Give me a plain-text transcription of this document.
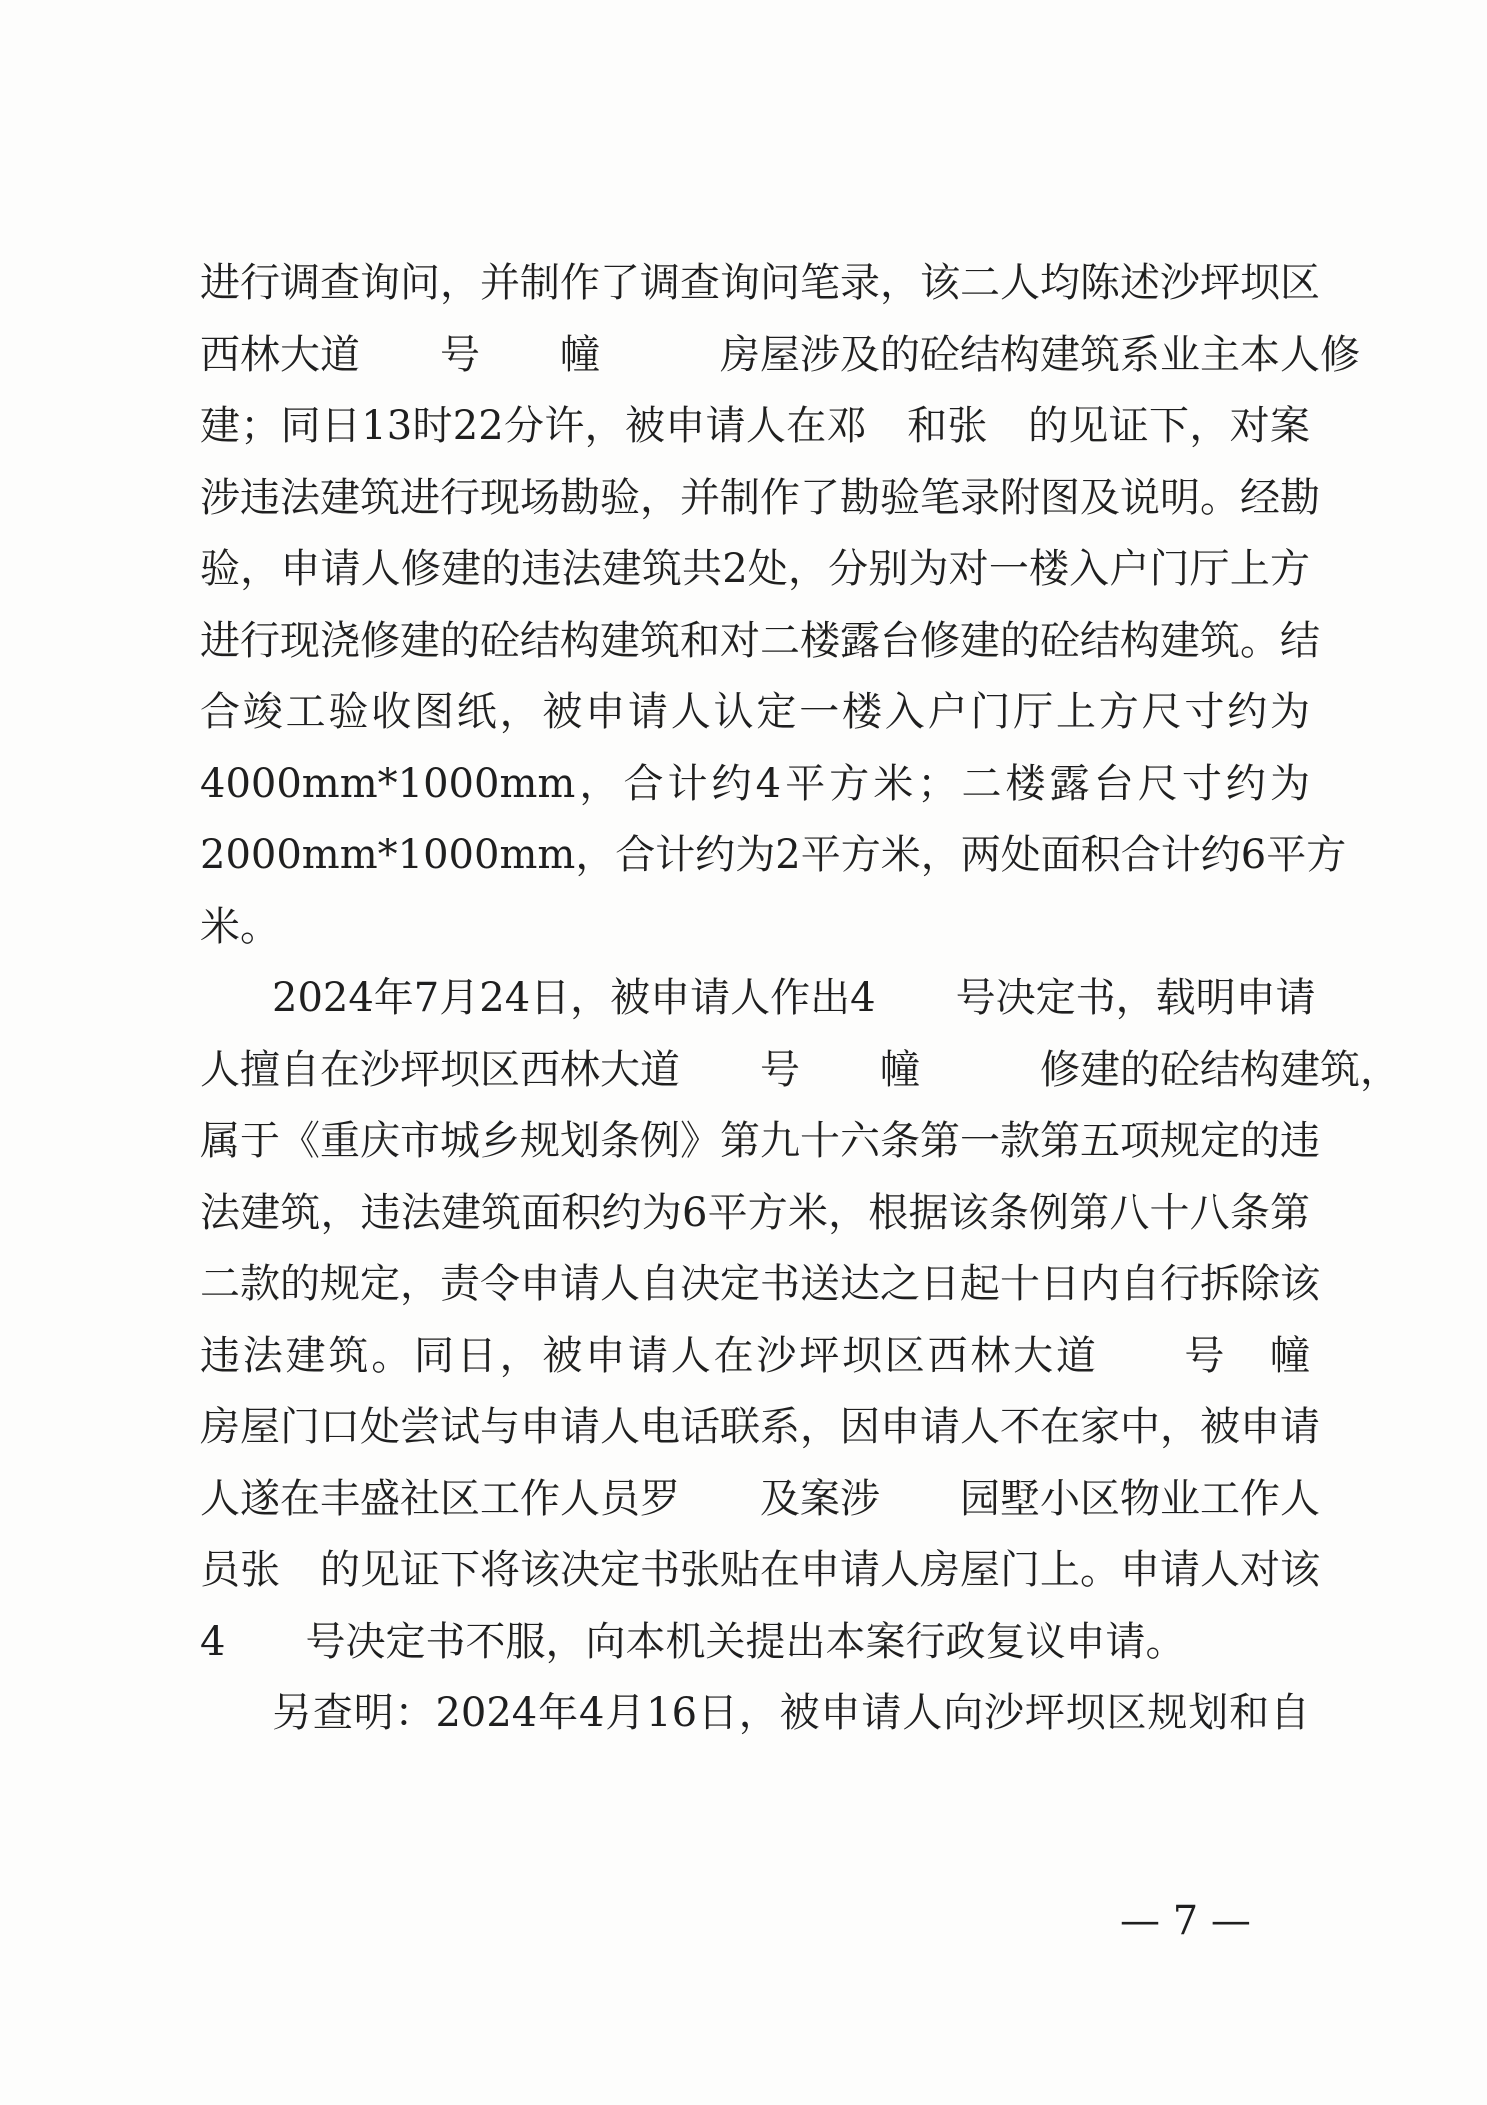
进行调查询问，并制作了调查询问笔录，该二人均陈述沙坪坝区
西林大道　　号　　幢　　　房屋涉及的砼结构建筑系业主本人修
建；同日13时22分许，被申请人在邓　和张　的见证下，对案
涉违法建筑进行现场勘验，并制作了勘验笔录附图及说明。经勘
验，申请人修建的违法建筑共2处，分别为对一楼入户门厅上方
进行现浇修建的砼结构建筑和对二楼露台修建的砼结构建筑。结
合竣工验收图纸，被申请人认定一楼入户门厅上方尺寸约为
4000mm*1000mm，合计约4平方米；二楼露台尺寸约为
2000mm*1000mm，合计约为2平方米，两处面积合计约6平方
米。
2024年7月24日，被申请人作出4　　号决定书，载明申请
人擅自在沙坪坝区西林大道　　号　　幢　　　修建的砼结构建筑，
属于《重庆市城乡规划条例》第九十六条第一款第五项规定的违
法建筑，违法建筑面积约为6平方米，根据该条例第八十八条第
二款的规定，责令申请人自决定书送达之日起十日内自行拆除该
违法建筑。同日，被申请人在沙坪坝区西林大道　　号　幢　　
房屋门口处尝试与申请人电话联系，因申请人不在家中，被申请
人遂在丰盛社区工作人员罗　　及案涉　　园墅小区物业工作人
员张　的见证下将该决定书张贴在申请人房屋门上。申请人对该
4　　号决定书不服，向本机关提出本案行政复议申请。
另查明：2024年4月16日，被申请人向沙坪坝区规划和自
— 7 —
